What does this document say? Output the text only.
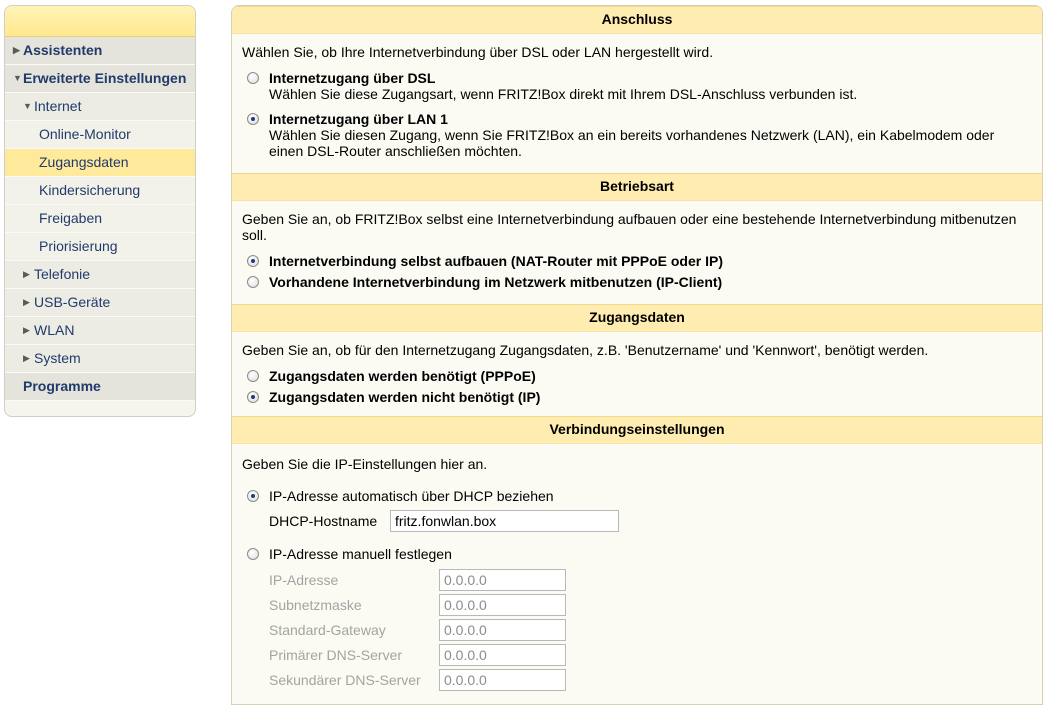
▶ Assistenten
▼ Erweiterte Einstellungen
▼ Internet
Online-Monitor
Zugangsdaten
Kindersicherung
Freigaben
Priorisierung
▶ Telefonie
▶ USB-Geräte
▶ WLAN
▶ System
Programme
Anschluss
Wählen Sie, ob Ihre Internetverbindung über DSL oder LAN hergestellt wird.
Internetzugang über DSL
Wählen Sie diese Zugangsart, wenn FRITZ!Box direkt mit Ihrem DSL-Anschluss verbunden ist.
Internetzugang über LAN 1
Wählen Sie diesen Zugang, wenn Sie FRITZ!Box an ein bereits vorhandenes Netzwerk (LAN), ein Kabelmodem oder einen DSL-Router anschließen möchten.
Betriebsart
Geben Sie an, ob FRITZ!Box selbst eine Internetverbindung aufbauen oder eine bestehende Internetverbindung mitbenutzen soll.
Internetverbindung selbst aufbauen (NAT-Router mit PPPoE oder IP)
Vorhandene Internetverbindung im Netzwerk mitbenutzen (IP-Client)
Zugangsdaten
Geben Sie an, ob für den Internetzugang Zugangsdaten, z.B. 'Benutzername' und 'Kennwort', benötigt werden.
Zugangsdaten werden benötigt (PPPoE)
Zugangsdaten werden nicht benötigt (IP)
Verbindungseinstellungen
Geben Sie die IP-Einstellungen hier an.
IP-Adresse automatisch über DHCP beziehen
DHCP-Hostname
fritz.fonwlan.box
IP-Adresse manuell festlegen
IP-Adresse
0.0.0.0
Subnetzmaske
0.0.0.0
Standard-Gateway
0.0.0.0
Primärer DNS-Server
0.0.0.0
Sekundärer DNS-Server
0.0.0.0
